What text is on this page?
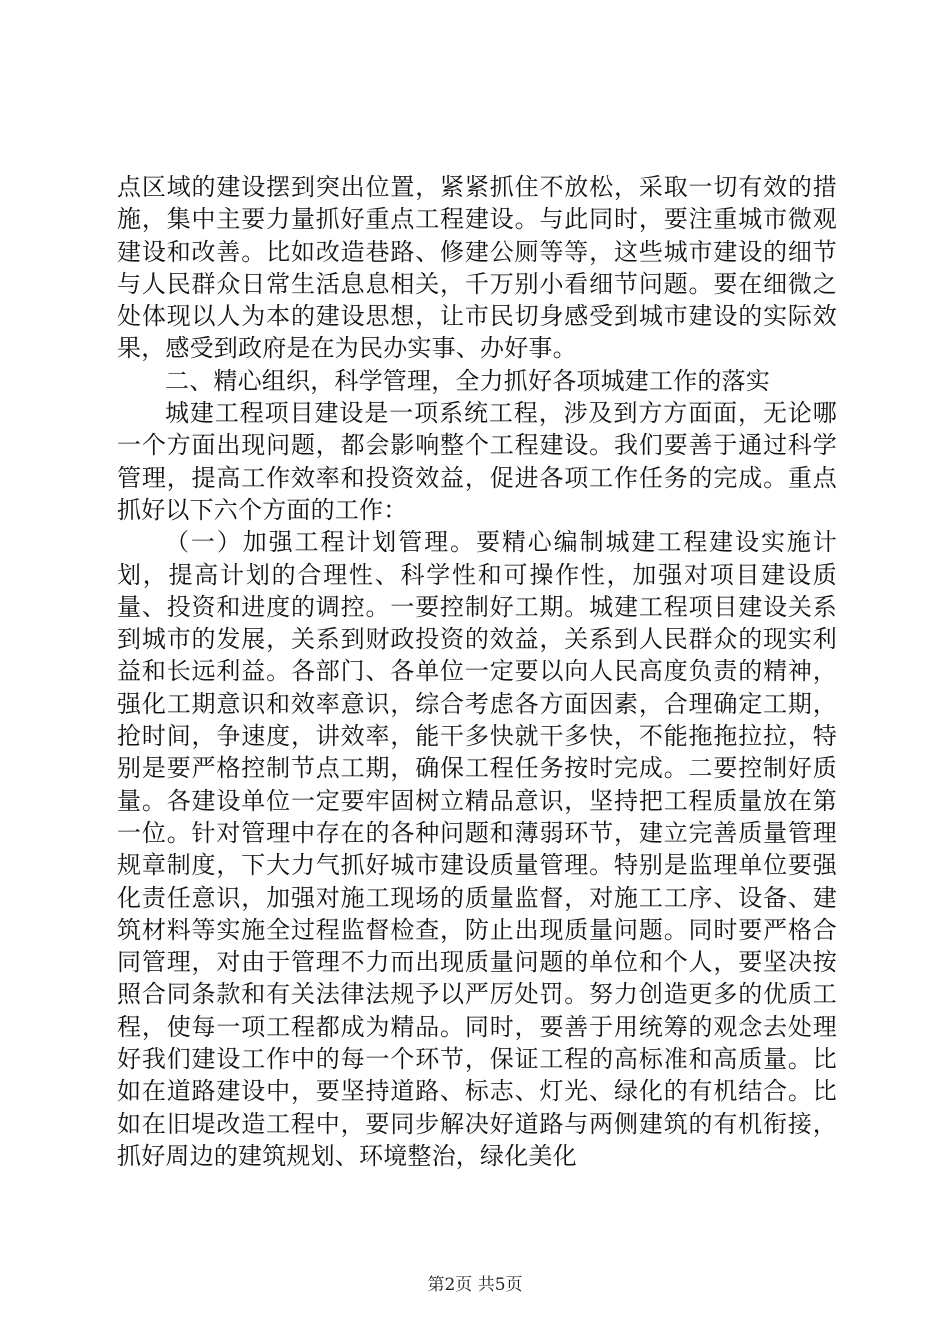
点区域的建设摆到突出位置，紧紧抓住不放松，采取一切有效的措施，集中主要力量抓好重点工程建设。与此同时，要注重城市微观建设和改善。比如改造巷路、修建公厕等等，这些城市建设的细节与人民群众日常生活息息相关，千万别小看细节问题。要在细微之处体现以人为本的建设思想，让市民切身感受到城市建设的实际效果，感受到政府是在为民办实事、办好事。

二、精心组织，科学管理，全力抓好各项城建工作的落实

城建工程项目建设是一项系统工程，涉及到方方面面，无论哪一个方面出现问题，都会影响整个工程建设。我们要善于通过科学管理，提高工作效率和投资效益，促进各项工作任务的完成。重点抓好以下六个方面的工作：

（一）加强工程计划管理。要精心编制城建工程建设实施计划，提高计划的合理性、科学性和可操作性，加强对项目建设质量、投资和进度的调控。一要控制好工期。城建工程项目建设关系到城市的发展，关系到财政投资的效益，关系到人民群众的现实利益和长远利益。各部门、各单位一定要以向人民高度负责的精神，强化工期意识和效率意识，综合考虑各方面因素，合理确定工期，抢时间，争速度，讲效率，能干多快就干多快，不能拖拖拉拉，特别是要严格控制节点工期，确保工程任务按时完成。二要控制好质量。各建设单位一定要牢固树立精品意识，坚持把工程质量放在第一位。针对管理中存在的各种问题和薄弱环节，建立完善质量管理规章制度，下大力气抓好城市建设质量管理。特别是监理单位要强化责任意识，加强对施工现场的质量监督，对施工工序、设备、建筑材料等实施全过程监督检查，防止出现质量问题。同时要严格合同管理，对由于管理不力而出现质量问题的单位和个人，要坚决按照合同条款和有关法律法规予以严厉处罚。努力创造更多的优质工程，使每一项工程都成为精品。同时，要善于用统筹的观念去处理好我们建设工作中的每一个环节，保证工程的高标准和高质量。比如在道路建设中，要坚持道路、标志、灯光、绿化的有机结合。比如在旧堤改造工程中，要同步解决好道路与两侧建筑的有机衔接，抓好周边的建筑规划、环境整治，绿化美化

第2页 共5页
